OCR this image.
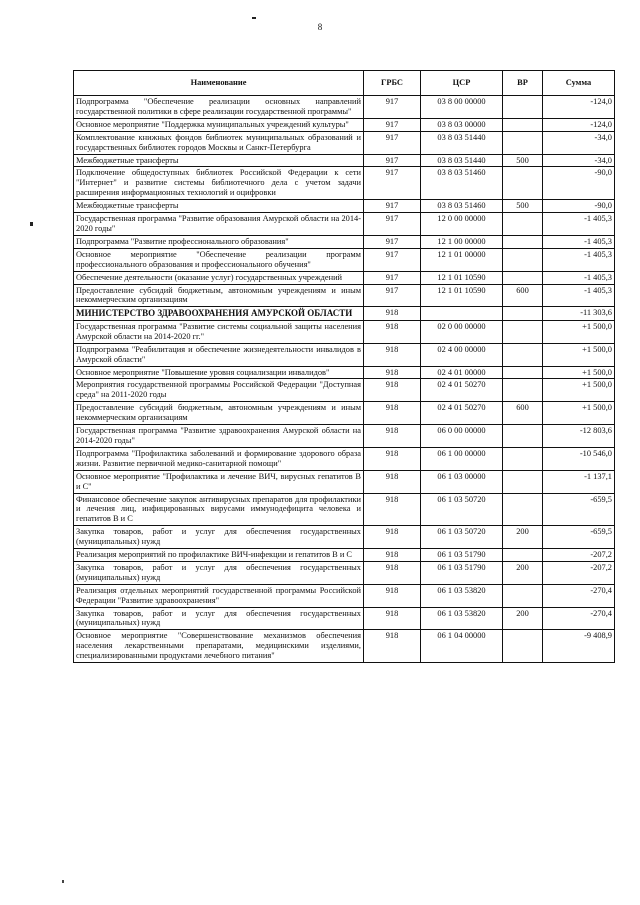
8
Наименование	ГРБС	ЦСР	ВР	Сумма
Подпрограмма "Обеспечение реализации основных направлений государственной политики в сфере реализации государственной программы"	917	03 8 00 00000		-124,0
Основное мероприятие "Поддержка муниципальных учреждений культуры"	917	03 8 03 00000		-124,0
Комплектование книжных фондов библиотек муниципальных образований и государственных библиотек городов Москвы и Санкт-Петербурга	917	03 8 03 51440		-34,0
Межбюджетные трансферты	917	03 8 03 51440	500	-34,0
Подключение общедоступных библиотек Российской Федерации к сети "Интернет" и развитие системы библиотечного дела с учетом задачи расширения информационных технологий и оцифровки	917	03 8 03 51460		-90,0
Межбюджетные трансферты	917	03 8 03 51460	500	-90,0
Государственная программа "Развитие образования Амурской области на 2014-2020 годы"	917	12 0 00 00000		-1 405,3
Подпрограмма "Развитие профессионального образования"	917	12 1 00 00000		-1 405,3
Основное мероприятие "Обеспечение реализации программ профессионального образования и профессионального обучения"	917	12 1 01 00000		-1 405,3
Обеспечение деятельности (оказание услуг) государственных учреждений	917	12 1 01 10590		-1 405,3
Предоставление субсидий бюджетным, автономным учреждениям и иным некоммерческим организациям	917	12 1 01 10590	600	-1 405,3
МИНИСТЕРСТВО ЗДРАВООХРАНЕНИЯ АМУРСКОЙ ОБЛАСТИ	918			-11 303,6
Государственная программа "Развитие системы социальной защиты населения Амурской области на 2014-2020 гг."	918	02 0 00 00000		+1 500,0
Подпрограмма "Реабилитация и обеспечение жизнедеятельности инвалидов в Амурской области"	918	02 4 00 00000		+1 500,0
Основное мероприятие "Повышение уровня социализации инвалидов"	918	02 4 01 00000		+1 500,0
Мероприятия государственной программы Российской Федерации "Доступная среда" на 2011-2020 годы	918	02 4 01 50270		+1 500,0
Предоставление субсидий бюджетным, автономным учреждениям и иным некоммерческим организациям	918	02 4 01 50270	600	+1 500,0
Государственная программа "Развитие здравоохранения Амурской области на 2014-2020 годы"	918	06 0 00 00000		-12 803,6
Подпрограмма "Профилактика заболеваний и формирование здорового образа жизни. Развитие первичной медико-санитарной помощи"	918	06 1 00 00000		-10 546,0
Основное мероприятие "Профилактика и лечение ВИЧ, вирусных гепатитов В и С"	918	06 1 03 00000		-1 137,1
Финансовое обеспечение закупок антивирусных препаратов для профилактики и лечения лиц, инфицированных вирусами иммунодефицита человека и гепатитов В и С	918	06 1 03 50720		-659,5
Закупка товаров, работ и услуг для обеспечения государственных (муниципальных) нужд	918	06 1 03 50720	200	-659,5
Реализация мероприятий по профилактике ВИЧ-инфекции и гепатитов В и С	918	06 1 03 51790		-207,2
Закупка товаров, работ и услуг для обеспечения государственных (муниципальных) нужд	918	06 1 03 51790	200	-207,2
Реализация отдельных мероприятий государственной программы Российской Федерации "Развитие здравоохранения"	918	06 1 03 53820		-270,4
Закупка товаров, работ и услуг для обеспечения государственных (муниципальных) нужд	918	06 1 03 53820	200	-270,4
Основное мероприятие "Совершенствование механизмов обеспечения населения лекарственными препаратами, медицинскими изделиями, специализированными продуктами лечебного питания"	918	06 1 04 00000		-9 408,9
